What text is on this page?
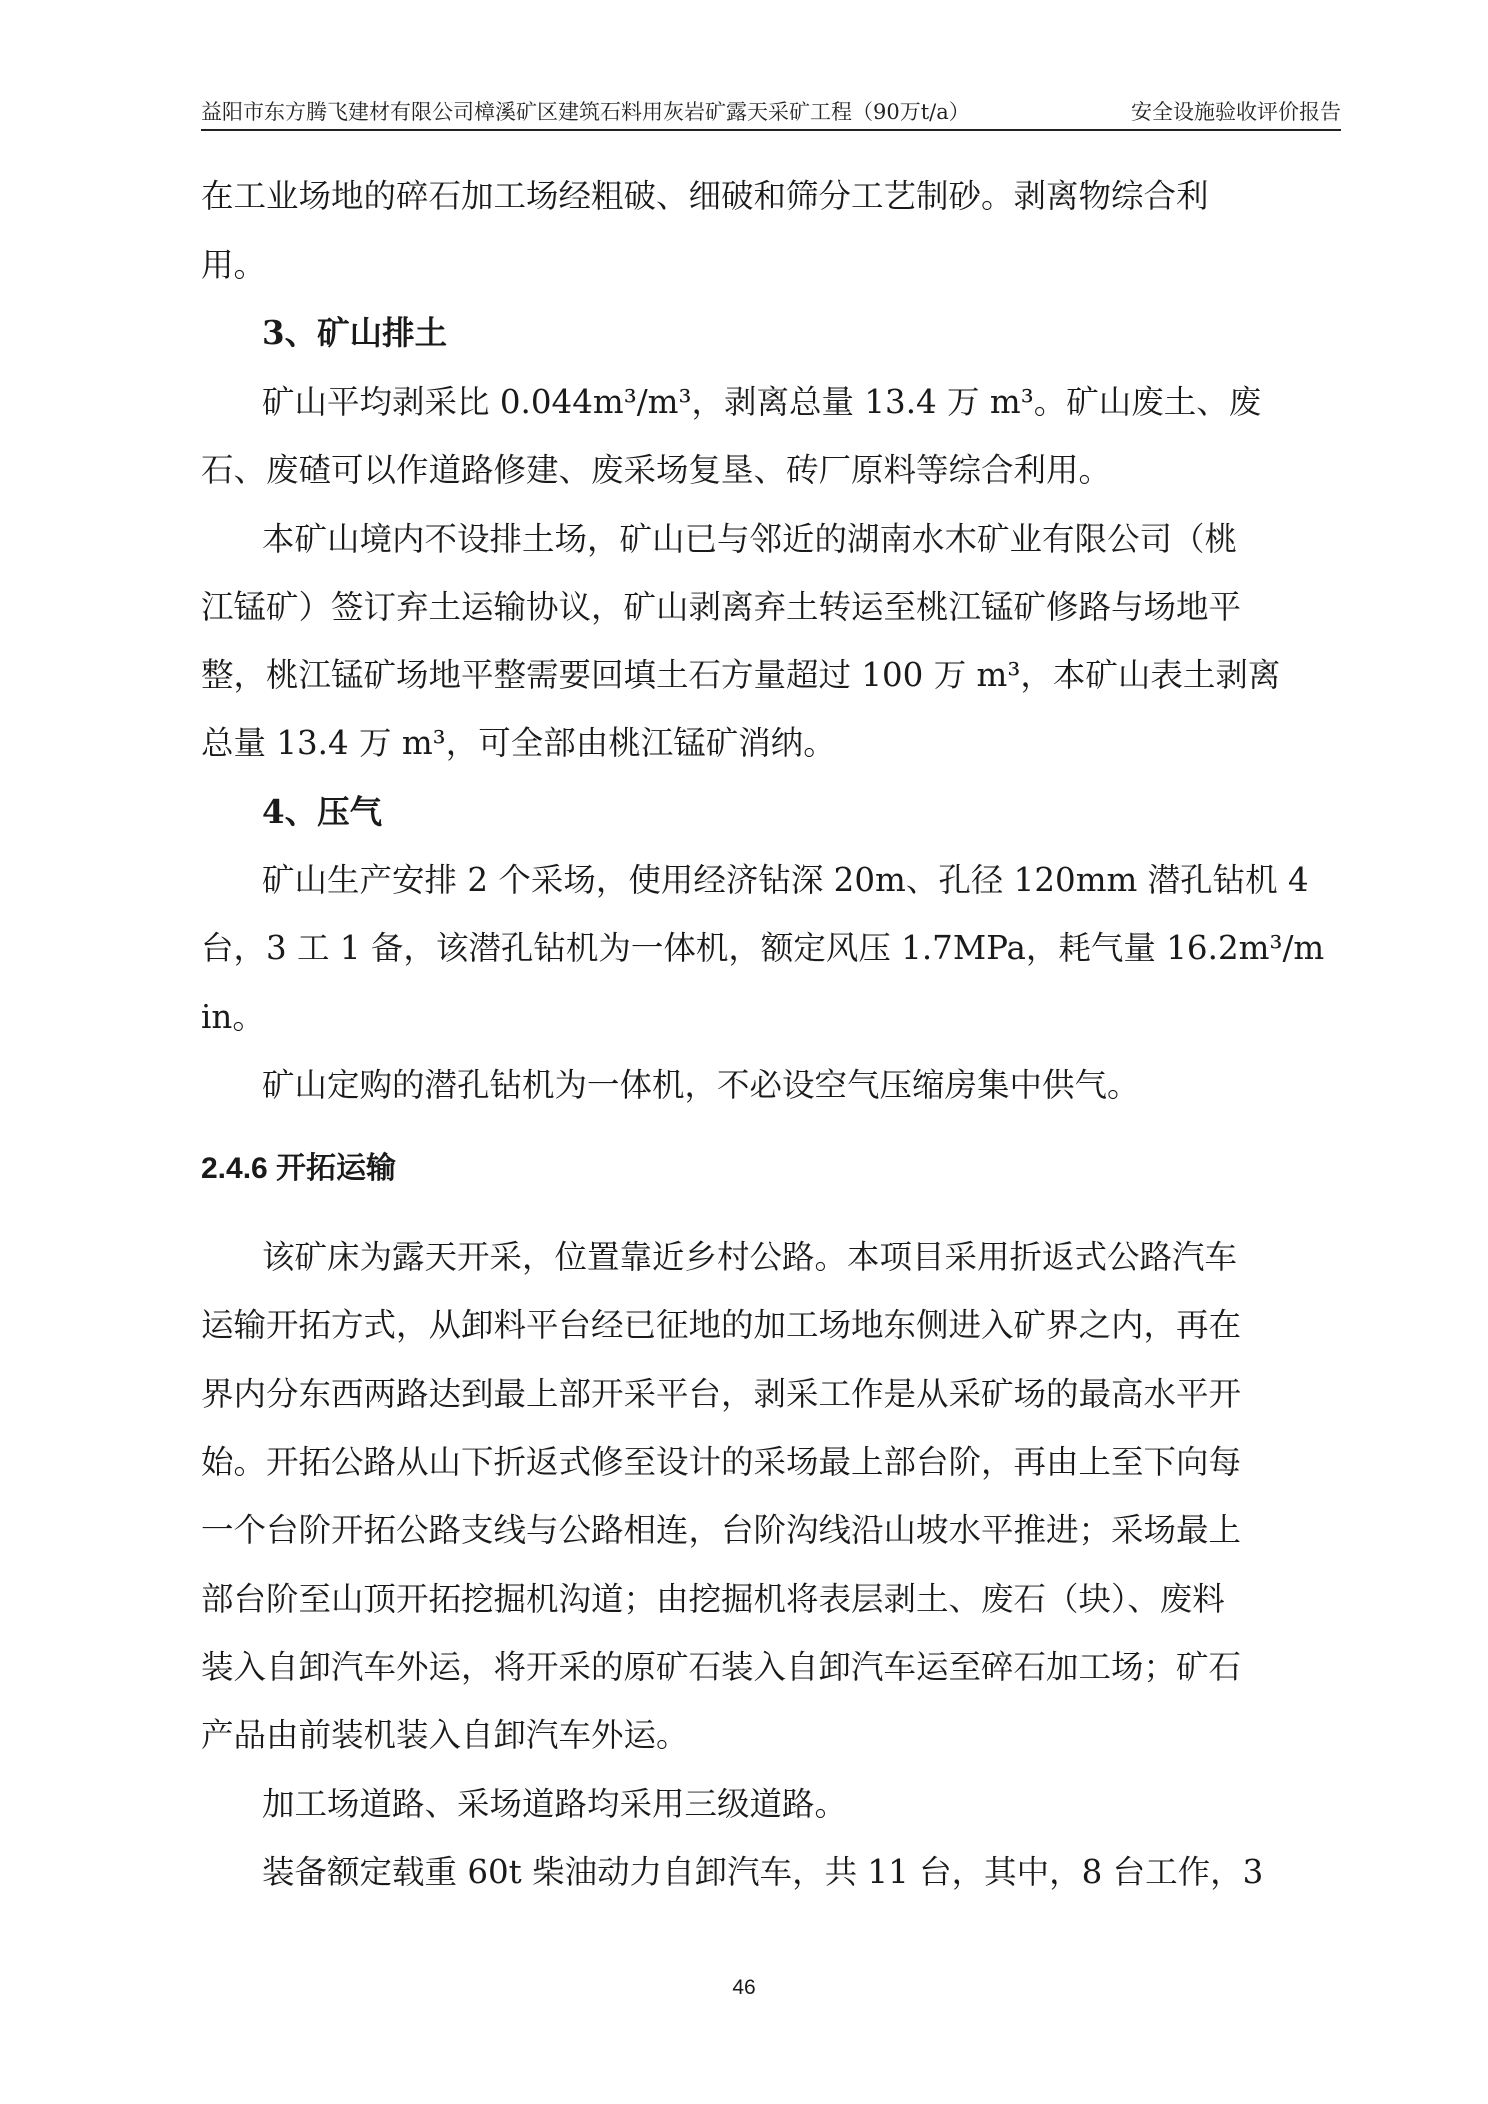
益阳市东方腾飞建材有限公司樟溪矿区建筑石料用灰岩矿露天采矿工程（90万t/a）	安全设施验收评价报告
在工业场地的碎石加工场经粗破、细破和筛分工艺制砂。剥离物综合利
用。
3、矿山排土
矿山平均剥采比 0.044m³/m³，剥离总量 13.4 万 m³。矿山废土、废
石、废碴可以作道路修建、废采场复垦、砖厂原料等综合利用。
本矿山境内不设排土场，矿山已与邻近的湖南水木矿业有限公司（桃
江锰矿）签订弃土运输协议，矿山剥离弃土转运至桃江锰矿修路与场地平
整，桃江锰矿场地平整需要回填土石方量超过 100 万 m³，本矿山表土剥离
总量 13.4 万 m³，可全部由桃江锰矿消纳。
4、压气
矿山生产安排 2 个采场，使用经济钻深 20m、孔径 120mm 潜孔钻机 4
台，3 工 1 备，该潜孔钻机为一体机，额定风压 1.7MPa，耗气量 16.2m³/m
in。
矿山定购的潜孔钻机为一体机，不必设空气压缩房集中供气。
2.4.6 开拓运输
该矿床为露天开采，位置靠近乡村公路。本项目采用折返式公路汽车
运输开拓方式，从卸料平台经已征地的加工场地东侧进入矿界之内，再在
界内分东西两路达到最上部开采平台，剥采工作是从采矿场的最高水平开
始。开拓公路从山下折返式修至设计的采场最上部台阶，再由上至下向每
一个台阶开拓公路支线与公路相连，台阶沟线沿山坡水平推进；采场最上
部台阶至山顶开拓挖掘机沟道；由挖掘机将表层剥土、废石（块）、废料
装入自卸汽车外运，将开采的原矿石装入自卸汽车运至碎石加工场；矿石
产品由前装机装入自卸汽车外运。
加工场道路、采场道路均采用三级道路。
装备额定载重 60t 柴油动力自卸汽车，共 11 台，其中，8 台工作，3
46
